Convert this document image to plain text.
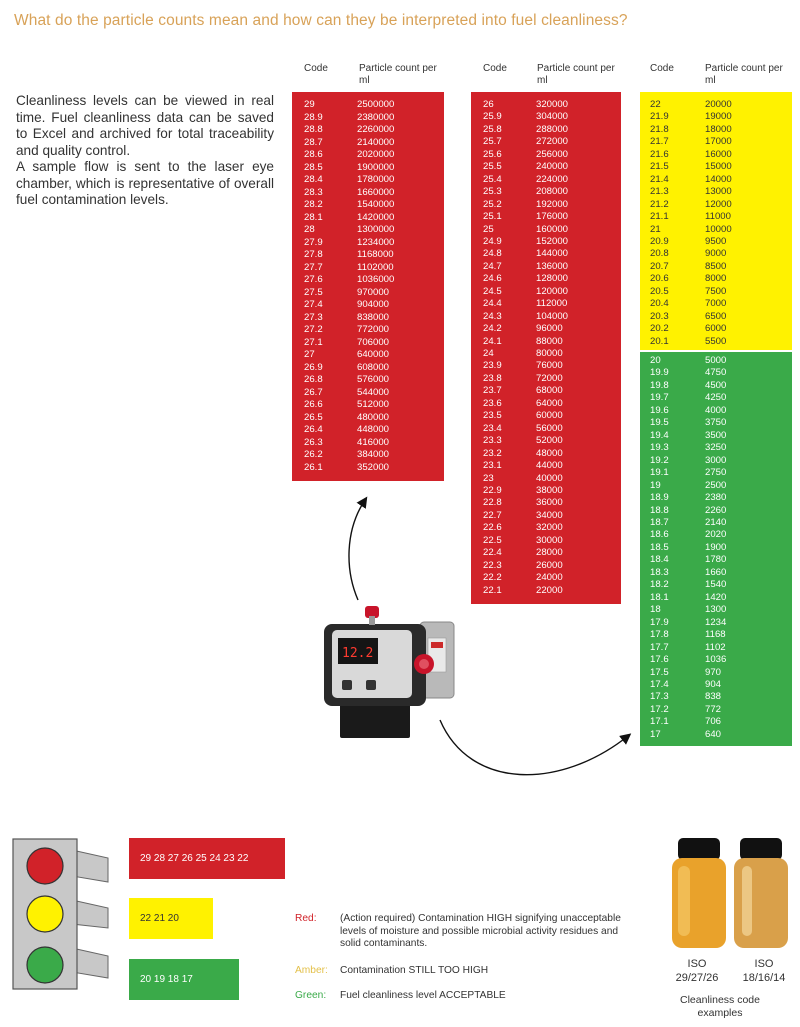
What do the particle counts mean and how can they be interpreted into fuel cleanliness?

Cleanliness levels can be viewed in real time. Fuel cleanliness data can be saved to Excel and archived for total traceability and quality control.

A sample flow is sent to the laser eye chamber, which is representative of overall fuel contamination levels.

Code	Particle count per ml
Code	Particle count per ml
Code	Particle count per ml
29	2500000
28.9	2380000
28.8	2260000
28.7	2140000
28.6	2020000
28.5	1900000
28.4	1780000
28.3	1660000
28.2	1540000
28.1	1420000
28	1300000
27.9	1234000
27.8	1168000
27.7	1102000
27.6	1036000
27.5	970000
27.4	904000
27.3	838000
27.2	772000
27.1	706000
27	640000
26.9	608000
26.8	576000
26.7	544000
26.6	512000
26.5	480000
26.4	448000
26.3	416000
26.2	384000
26.1	352000
26	320000
25.9	304000
25.8	288000
25.7	272000
25.6	256000
25.5	240000
25.4	224000
25.3	208000
25.2	192000
25.1	176000
25	160000
24.9	152000
24.8	144000
24.7	136000
24.6	128000
24.5	120000
24.4	112000
24.3	104000
24.2	96000
24.1	88000
24	80000
23.9	76000
23.8	72000
23.7	68000
23.6	64000
23.5	60000
23.4	56000
23.3	52000
23.2	48000
23.1	44000
23	40000
22.9	38000
22.8	36000
22.7	34000
22.6	32000
22.5	30000
22.4	28000
22.3	26000
22.2	24000
22.1	22000
22	20000
21.9	19000
21.8	18000
21.7	17000
21.6	16000
21.5	15000
21.4	14000
21.3	13000
21.2	12000
21.1	11000
21	10000
20.9	9500
20.8	9000
20.7	8500
20.6	8000
20.5	7500
20.4	7000
20.3	6500
20.2	6000
20.1	5500
20	5000
19.9	4750
19.8	4500
19.7	4250
19.6	4000
19.5	3750
19.4	3500
19.3	3250
19.2	3000
19.1	2750
19	2500
18.9	2380
18.8	2260
18.7	2140
18.6	2020
18.5	1900
18.4	1780
18.3	1660
18.2	1540
18.1	1420
18	1300
17.9	1234
17.8	1168
17.7	1102
17.6	1036
17.5	970
17.4	904
17.3	838
17.2	772
17.1	706
17	640
12.2
29 28 27 26 25 24 23 22
22 21 20
20 19 18 17
Red: (Action required) Contamination HIGH signifying unacceptable levels of moisture and possible microbial activity residues and solid contaminants.
Amber: Contamination STILL TOO HIGH
Green: Fuel cleanliness level ACCEPTABLE
ISO
29/27/26
ISO
18/16/14
Cleanliness code examples
